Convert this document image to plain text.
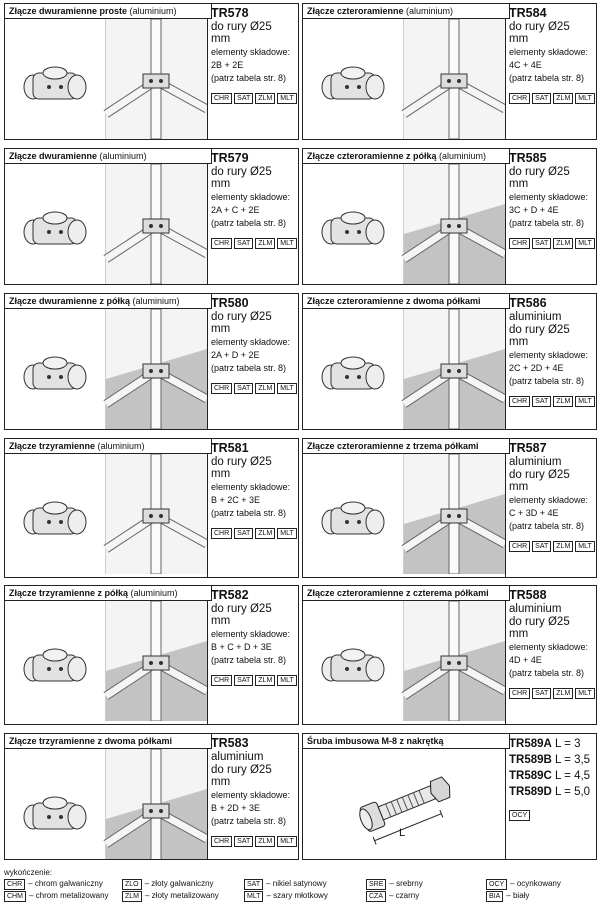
Złącze dwuramienne proste (aluminium)	TR578
do rury Ø25 mm
elementy składowe:
2B + 2E
(patrz tabela str. 8)
CHR SAT ZLM MLT
Złącze czteroramienne (aluminium)	TR584
do rury Ø25 mm
elementy składowe:
4C + 4E
(patrz tabela str. 8)
CHR SAT ZLM MLT
Złącze dwuramienne (aluminium)	TR579
do rury Ø25 mm
elementy składowe:
2A + C + 2E
(patrz tabela str. 8)
CHR SAT ZLM MLT
Złącze czteroramienne z półką (aluminium)	TR585
do rury Ø25 mm
elementy składowe:
3C + D + 4E
(patrz tabela str. 8)
CHR SAT ZLM MLT
Złącze dwuramienne z półką (aluminium)	TR580
do rury Ø25 mm
elementy składowe:
2A + D + 2E
(patrz tabela str. 8)
CHR SAT ZLM MLT
Złącze czteroramienne z dwoma półkami	TR586
aluminium
do rury Ø25 mm
elementy składowe:
2C + 2D + 4E
(patrz tabela str. 8)
CHR SAT ZLM MLT
Złącze trzyramienne (aluminium)	TR581
do rury Ø25 mm
elementy składowe:
B + 2C + 3E
(patrz tabela str. 8)
CHR SAT ZLM MLT
Złącze czteroramienne z trzema półkami	TR587
aluminium
do rury Ø25 mm
elementy składowe:
C + 3D + 4E
(patrz tabela str. 8)
CHR SAT ZLM MLT
Złącze trzyramienne z półką (aluminium)	TR582
do rury Ø25 mm
elementy składowe:
B + C + D + 3E
(patrz tabela str. 8)
CHR SAT ZLM MLT
Złącze czteroramienne z czterema półkami	TR588
aluminium
do rury Ø25 mm
elementy składowe:
4D + 4E
(patrz tabela str. 8)
CHR SAT ZLM MLT
Złącze trzyramienne z dwoma półkami	TR583
aluminium
do rury Ø25 mm
elementy składowe:
B + 2D + 3E
(patrz tabela str. 8)
CHR SAT ZLM MLT
Śruba imbusowa M-8 z nakrętką
L
TR589A L = 3
TR589B L = 3,5
TR589C L = 4,5
TR589D L = 5,0
OCY
wykończenie:
CHR – chrom galwaniczny	ZLO – złoty galwaniczny	SAT – nikiel satynowy	SRE – srebrny	OCY – ocynkowany
CHM – chrom metalizowany	ZLM – złoty metalizowany	MLT – szary młotkowy	CZA – czarny	BIA – biały
